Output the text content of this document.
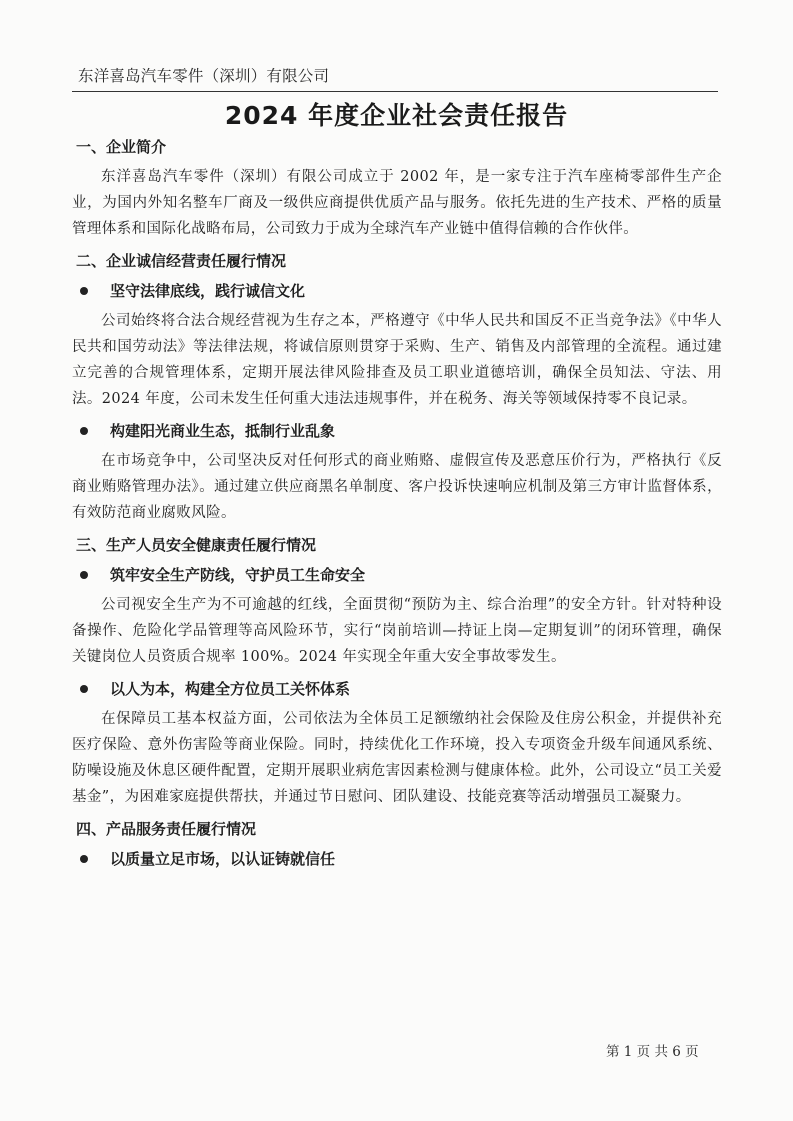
东洋喜岛汽车零件（深圳）有限公司
2024 年度企业社会责任报告
一、企业简介

东洋喜岛汽车零件（深圳）有限公司成立于 2002 年，是一家专注于汽车座椅零部件生产企业，为国内外知名整车厂商及一级供应商提供优质产品与服务。依托先进的生产技术、严格的质量管理体系和国际化战略布局，公司致力于成为全球汽车产业链中值得信赖的合作伙伴。

二、企业诚信经营责任履行情况
坚守法律底线，践行诚信文化

公司始终将合法合规经营视为生存之本，严格遵守《中华人民共和国反不正当竞争法》《中华人民共和国劳动法》等法律法规，将诚信原则贯穿于采购、生产、销售及内部管理的全流程。通过建立完善的合规管理体系，定期开展法律风险排查及员工职业道德培训，确保全员知法、守法、用法。2024 年度，公司未发生任何重大违法违规事件，并在税务、海关等领域保持零不良记录。

构建阳光商业生态，抵制行业乱象

在市场竞争中，公司坚决反对任何形式的商业贿赂、虚假宣传及恶意压价行为，严格执行《反商业贿赂管理办法》。通过建立供应商黑名单制度、客户投诉快速响应机制及第三方审计监督体系，有效防范商业腐败风险。

三、生产人员安全健康责任履行情况
筑牢安全生产防线，守护员工生命安全

公司视安全生产为不可逾越的红线，全面贯彻“预防为主、综合治理”的安全方针。针对特种设备操作、危险化学品管理等高风险环节，实行“岗前培训—持证上岗—定期复训”的闭环管理，确保关键岗位人员资质合规率 100%。2024 年实现全年重大安全事故零发生。

以人为本，构建全方位员工关怀体系

在保障员工基本权益方面，公司依法为全体员工足额缴纳社会保险及住房公积金，并提供补充医疗保险、意外伤害险等商业保险。同时，持续优化工作环境，投入专项资金升级车间通风系统、防噪设施及休息区硬件配置，定期开展职业病危害因素检测与健康体检。此外，公司设立“员工关爱基金”，为困难家庭提供帮扶，并通过节日慰问、团队建设、技能竞赛等活动增强员工凝聚力。

四、产品服务责任履行情况
以质量立足市场，以认证铸就信任
第 1 页 共 6 页
